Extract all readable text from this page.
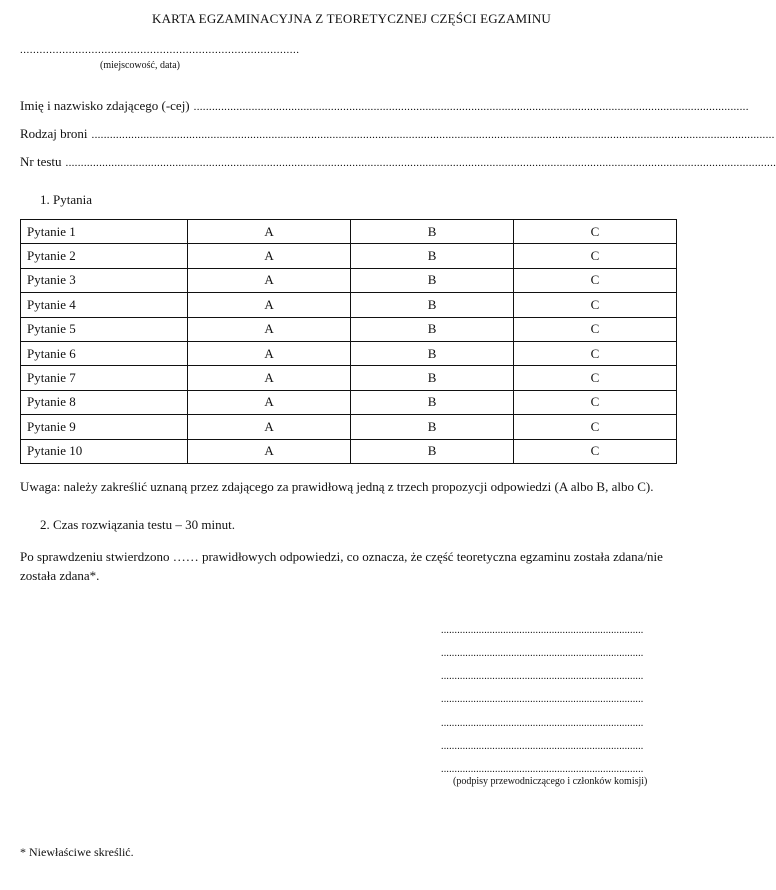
KARTA EGZAMINACYJNA Z TEORETYCZNEJ CZĘŚCI EGZAMINU
......................................................................................
(miejscowość, data)
Imię i nazwisko zdającego (-cej) ......................................................................................................................................................................................
Rodzaj broni ................................................................................................................................................................................................................................
Nr testu .........................................................................................................................................................................................................................................
1. Pytania
Pytanie 1	A	B	C
Pytanie 2	A	B	C
Pytanie 3	A	B	C
Pytanie 4	A	B	C
Pytanie 5	A	B	C
Pytanie 6	A	B	C
Pytanie 7	A	B	C
Pytanie 8	A	B	C
Pytanie 9	A	B	C
Pytanie 10	A	B	C
Uwaga: należy zakreślić uznaną przez zdającego za prawidłową jedną z trzech propozycji odpowiedzi (A albo B, albo C).
2. Czas rozwiązania testu – 30 minut.
Po sprawdzeniu stwierdzono …… prawidłowych odpowiedzi, co oznacza, że część teoretyczna egzaminu została zdana/nie została zdana*.
...........................................................................
...........................................................................
...........................................................................
...........................................................................
...........................................................................
...........................................................................
...........................................................................
(podpisy przewodniczącego i członków komisji)
* Niewłaściwe skreślić.
